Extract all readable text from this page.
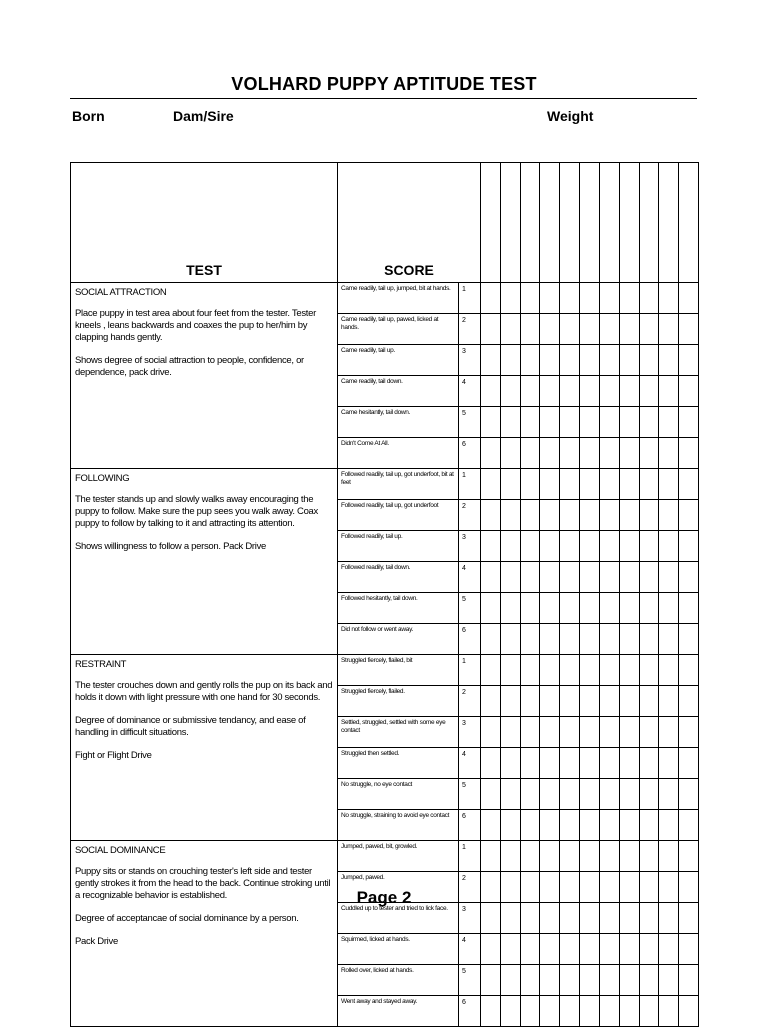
VOLHARD PUPPY APTITUDE TEST
Born	Dam/Sire	Weight
TEST	SCORE												

SOCIAL ATTRACTION
Place puppy in test area about four feet from the tester. Tester kneels , leans backwards and coaxes the pup to her/him by clapping hands gently.
Shows degree of social attraction to people, confidence, or dependence, pack drive.	Came readily, tail up, jumped, bit at hands.	1											
	Came readily, tail up, pawed, licked at hands.	2											
	Came readily, tail up.	3											
	Came readily, tail down.	4											
	Came hesitantly, tail down.	5											
	Didn't Come At All.	6											

FOLLOWING
The tester stands up and slowly walks away encouraging the puppy to follow. Make sure the pup sees you walk away. Coax puppy to follow by talking to it and attracting its attention.
Shows willingness to follow a person. Pack Drive	Followed readily, tail up, got underfoot, bit at feet	1											
	Followed readily, tail up, got underfoot	2											
	Followed readily, tail up.	3											
	Followed readily, tail down.	4											
	Followed hesitantly, tail down.	5											
	Did not follow or went away.	6											

RESTRAINT
The tester crouches down and gently rolls the pup on its back and holds it down with light pressure with one hand for 30 seconds.
Degree of dominance or submissive tendancy, and ease of handling in difficult situations.
Fight or Flight Drive	Struggled fiercely, flailed, bit	1											
	Struggled fiercely, flailed.	2											
	Settled, struggled, settled with some eye contact	3											
	Struggled then settled.	4											
	No struggle, no eye contact	5											
	No struggle, straining to avoid eye contact	6											

SOCIAL DOMINANCE
Puppy sits or stands on crouching tester's left side and tester gently strokes it from the head to the back. Continue stroking until a recognizable behavior is established.
Degree of acceptancae of social dominance by a person.
Pack Drive	Jumped, pawed, bit, growled.	1											
	Jumped, pawed.	2											
	Cuddled up to tester and tried to lick face.	3											
	Squirmed, licked at hands.	4											
	Rolled over, licked at hands.	5											
	Went away and stayed away.	6											
Page 2
